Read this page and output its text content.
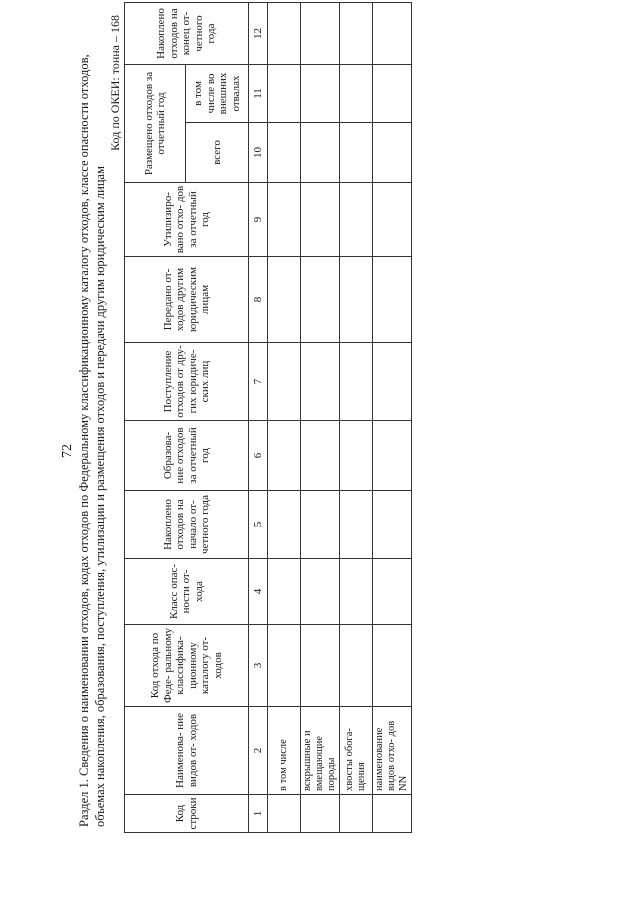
72 Раздел 1. Сведения о наименовании отходов, кодах отходов по Федеральному классификационному каталогу отходов, классе опасности отходов, объемах накопления, образования, поступления, утилизации и размещения отходов и передачи другим юридическим лицам
Код по ОКЕИ: тонна – 168
Код строки	Наименова- ние видов от- ходов	Код отхода по Феде- ральному классифика- ционному каталогу от- ходов	Класс опас- ности от- хода	Накоплено отходов на начало от- четного года	Образова- ние отходов за отчетный год	Поступление отходов от дру- гих юридиче- ских лиц	Передано от- ходов другим юридическим лицам	Утилизиро- вано отхо- дов за отчетный год	Размещено отходов за отчетный год		Накоплено отходов на конец от- четного года
									всего	в том числе во внешних отвалах	
1	2	3	4	5	6	7	8	9	10	11	12
	в том числе										
	вскрышные и вмещающие породы										
	хвосты обога- щения										
	наименование видов отхо- дов NN										
